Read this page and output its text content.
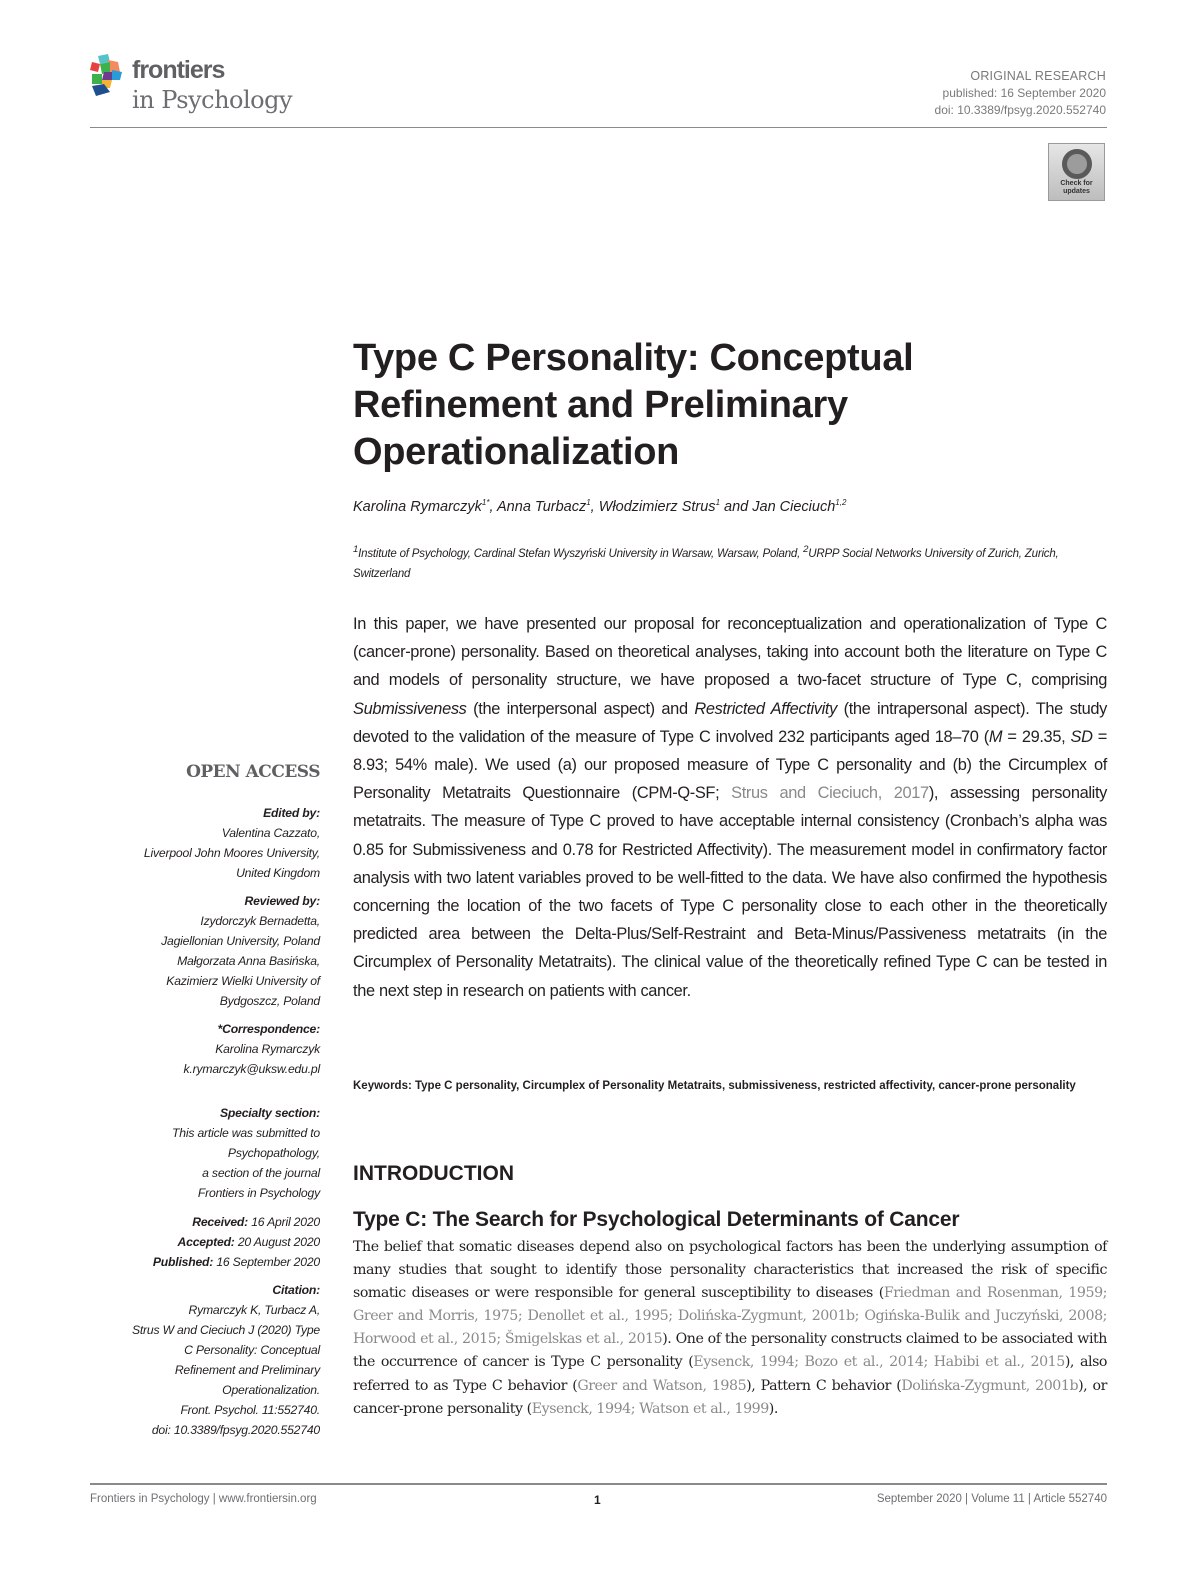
frontiers
in Psychology
ORIGINAL RESEARCH
published: 16 September 2020
doi: 10.3389/fpsyg.2020.552740
Check for
updates
Type C Personality: Conceptual Refinement and Preliminary Operationalization
Karolina Rymarczyk$^{1*}$, Anna Turbacz$^1$, Włodzimierz Strus$^1$ and Jan Cieciuch$^{1,2}$
$^1$Institute of Psychology, Cardinal Stefan Wyszyński University in Warsaw, Warsaw, Poland, $^2$URPP Social Networks University of Zurich, Zurich, Switzerland
In this paper, we have presented our proposal for reconceptualization and operationalization of Type C (cancer-prone) personality. Based on theoretical analyses, taking into account both the literature on Type C and models of personality structure, we have proposed a two-facet structure of Type C, comprising Submissiveness (the interpersonal aspect) and Restricted Affectivity (the intrapersonal aspect). The study devoted to the validation of the measure of Type C involved 232 participants aged 18–70 (M = 29.35, SD = 8.93; 54% male). We used (a) our proposed measure of Type C personality and (b) the Circumplex of Personality Metatraits Questionnaire (CPM-Q-SF; Strus and Cieciuch, 2017), assessing personality metatraits. The measure of Type C proved to have acceptable internal consistency (Cronbach’s alpha was 0.85 for Submissiveness and 0.78 for Restricted Affectivity). The measurement model in confirmatory factor analysis with two latent variables proved to be well-fitted to the data. We have also confirmed the hypothesis concerning the location of the two facets of Type C personality close to each other in the theoretically predicted area between the Delta-Plus/Self-Restraint and Beta-Minus/Passiveness metatraits (in the Circumplex of Personality Metatraits). The clinical value of the theoretically refined Type C can be tested in the next step in research on patients with cancer.
Keywords: Type C personality, Circumplex of Personality Metatraits, submissiveness, restricted affectivity, cancer-prone personality
OPEN ACCESS
Edited by:
Valentina Cazzato,
Liverpool John Moores University,
United Kingdom
Reviewed by:
Izydorczyk Bernadetta,
Jagiellonian University, Poland
Małgorzata Anna Basińska,
Kazimierz Wielki University of
Bydgoszcz, Poland
*Correspondence:
Karolina Rymarczyk
k.rymarczyk@uksw.edu.pl
Specialty section:
This article was submitted to
Psychopathology,
a section of the journal
Frontiers in Psychology
Received: 16 April 2020
Accepted: 20 August 2020
Published: 16 September 2020
Citation:
Rymarczyk K, Turbacz A,
Strus W and Cieciuch J (2020) Type
C Personality: Conceptual
Refinement and Preliminary
Operationalization.
Front. Psychol. 11:552740.
doi: 10.3389/fpsyg.2020.552740
INTRODUCTION
Type C: The Search for Psychological Determinants of Cancer
The belief that somatic diseases depend also on psychological factors has been the underlying assumption of many studies that sought to identify those personality characteristics that increased the risk of specific somatic diseases or were responsible for general susceptibility to diseases (Friedman and Rosenman, 1959; Greer and Morris, 1975; Denollet et al., 1995; Dolińska-Zygmunt, 2001b; Ogińska-Bulik and Juczyński, 2008; Horwood et al., 2015; Šmigelskas et al., 2015). One of the personality constructs claimed to be associated with the occurrence of cancer is Type C personality (Eysenck, 1994; Bozo et al., 2014; Habibi et al., 2015), also referred to as Type C behavior (Greer and Watson, 1985), Pattern C behavior (Dolińska-Zygmunt, 2001b), or cancer-prone personality (Eysenck, 1994; Watson et al., 1999).
Frontiers in Psychology | www.frontiersin.org	1	September 2020 | Volume 11 | Article 552740
